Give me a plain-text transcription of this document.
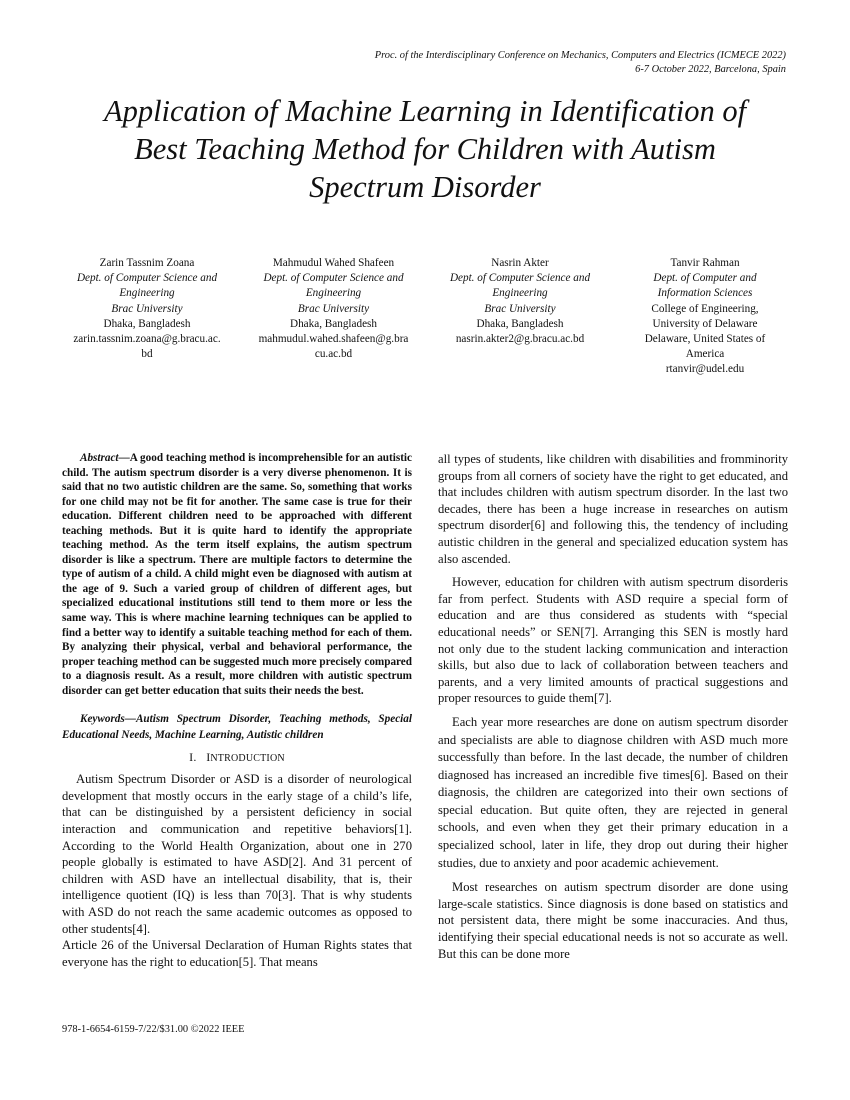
Proc. of the Interdisciplinary Conference on Mechanics, Computers and Electrics (ICMECE 2022)
6-7 October 2022, Barcelona, Spain
Application of Machine Learning in Identification of
Best Teaching Method for Children with Autism
Spectrum Disorder
Zarin Tassnim Zoana
Dept. of Computer Science and
Engineering
Brac University
Dhaka, Bangladesh
zarin.tassnim.zoana@g.bracu.ac.
bd
Mahmudul Wahed Shafeen
Dept. of Computer Science and
Engineering
Brac University
Dhaka, Bangladesh
mahmudul.wahed.shafeen@g.bra
cu.ac.bd
Nasrin Akter
Dept. of Computer Science and
Engineering
Brac University
Dhaka, Bangladesh
nasrin.akter2@g.bracu.ac.bd
Tanvir Rahman
Dept. of Computer and
Information Sciences
College of Engineering,
University of Delaware
Delaware, United States of
America
rtanvir@udel.edu

Abstract—A good teaching method is incomprehensible for an autistic child. The autism spectrum disorder is a very diverse phenomenon. It is said that no two autistic children are the same. So, something that works for one child may not be fit for another. The same case is true for their education. Different children need to be approached with different teaching methods. But it is quite hard to identify the appropriate teaching method. As the term itself explains, the autism spectrum disorder is like a spectrum. There are multiple factors to determine the type of autism of a child. A child might even be diagnosed with autism at the age of 9. Such a varied group of children of different ages, but specialized educational institutions still tend to them more or less the same way. This is where machine learning techniques can be applied to find a better way to identify a suitable teaching method for each of them. By analyzing their physical, verbal and behavioral performance, the proper teaching method can be suggested much more precisely compared to a diagnosis result. As a result, more children with autistic spectrum disorder can get better education that suits their needs the best.

Keywords—Autism Spectrum Disorder, Teaching methods, Special Educational Needs, Machine Learning, Autistic children

I. INTRODUCTION

Autism Spectrum Disorder or ASD is a disorder of neurological development that mostly occurs in the early stage of a child’s life, that can be distinguished by a persistent deficiency in social interaction and communication and repetitive behaviors[1]. According to the World Health Organization, about one in 270 people globally is estimated to have ASD[2]. And 31 percent of children with ASD have an intellectual disability, that is, their intelligence quotient (IQ) is less than 70[3]. That is why students with ASD do not reach the same academic outcomes as opposed to other students[4].

Article 26 of the Universal Declaration of Human Rights states that everyone has the right to education[5]. That means

all types of students, like children with disabilities and fromminority groups from all corners of society have the right to get educated, and that includes children with autism spectrum disorder. In the last two decades, there has been a huge increase in researches on autism spectrum disorder[6] and following this, the tendency of including autistic children in the general and specialized education system has also ascended.

However, education for children with autism spectrum disorderis far from perfect. Students with ASD require a special form of education and are thus considered as students with “special educational needs” or SEN[7]. Arranging this SEN is mostly hard not only due to the student lacking communication and interaction skills, but also due to lack of collaboration between teachers and parents, and a very limited amounts of practical suggestions and proper resources to guide them[7].

Each year more researches are done on autism spectrum disorder and specialists are able to diagnose children with ASD much more successfully than before. In the last decade, the number of children diagnosed has increased an incredible five times[6]. Based on their diagnosis, the children are categorized into their own sections of special education. But quite often, they are rejected in general schools, and even when they get their primary education in a specialized school, later in life, they drop out during their higher studies, due to anxiety and poor academic achievement.

Most researches on autism spectrum disorder are done using large-scale statistics. Since diagnosis is done based on statistics and not persistent data, there might be some inaccuracies. And thus, identifying their special educational needs is not so accurate as well. But this can be done more

978-1-6654-6159-7/22/$31.00 ©2022 IEEE
